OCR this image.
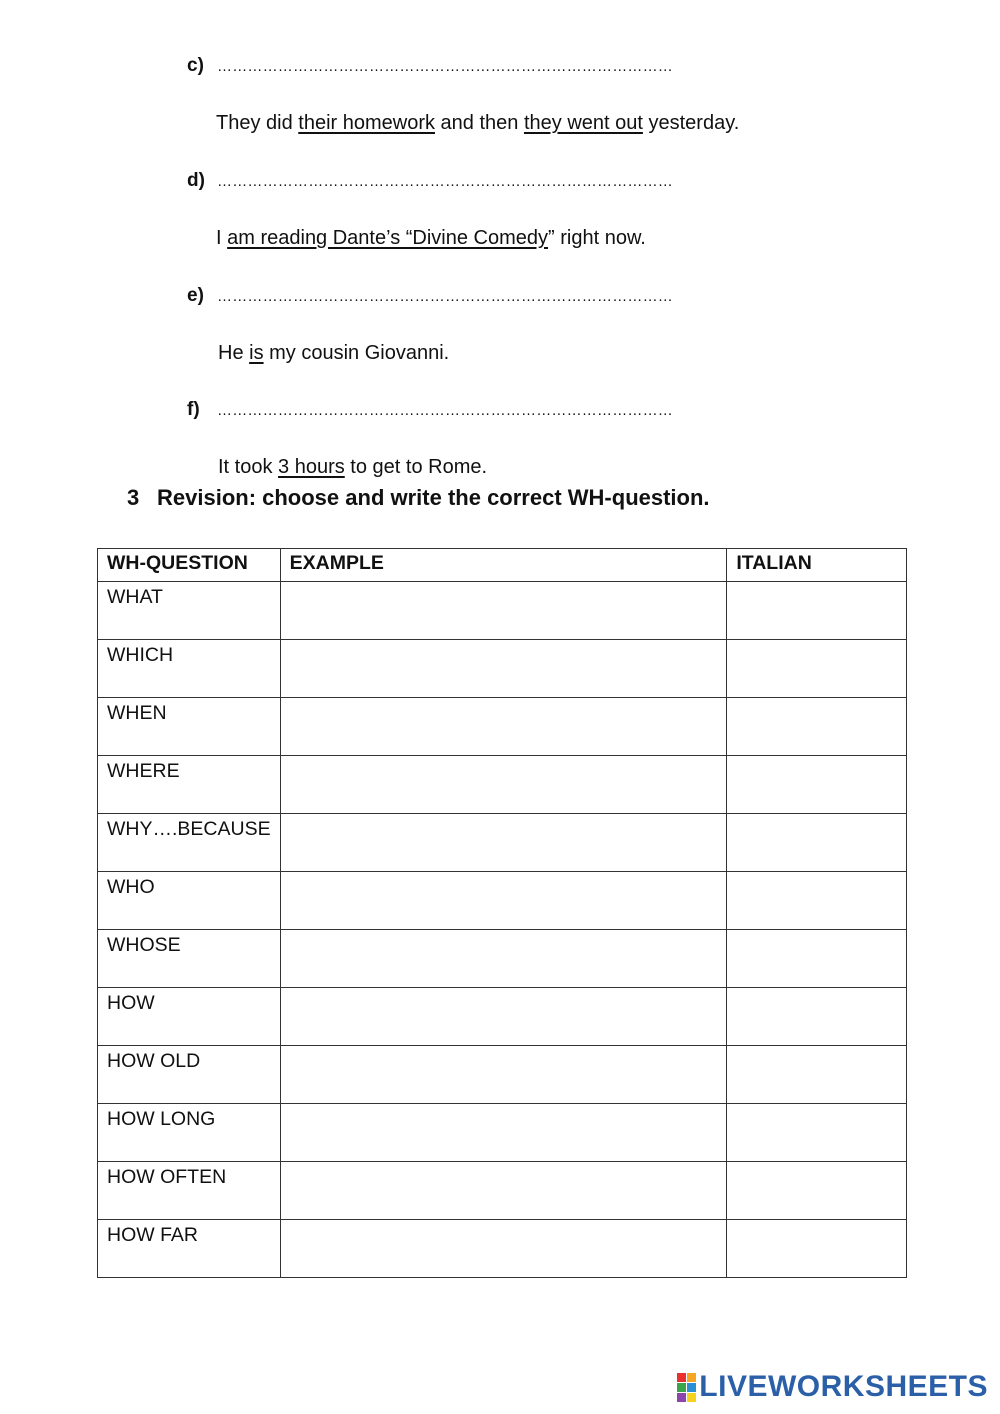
c) ………………………………………………………………………………
They did their homework and then they went out yesterday.
d) ………………………………………………………………………………
I am reading Dante’s “Divine Comedy” right now.
e) ………………………………………………………………………………
He is my cousin Giovanni.
f) ………………………………………………………………………………
It took 3 hours to get to Rome.
3 Revision: choose and write the correct WH-question.
WH-QUESTION	EXAMPLE	ITALIAN
WHAT		
WHICH		
WHEN		
WHERE		
WHY….BECAUSE		
WHO		
WHOSE		
HOW		
HOW OLD		
HOW LONG		
HOW OFTEN		
HOW FAR		
LIVEWORKSHEETS
